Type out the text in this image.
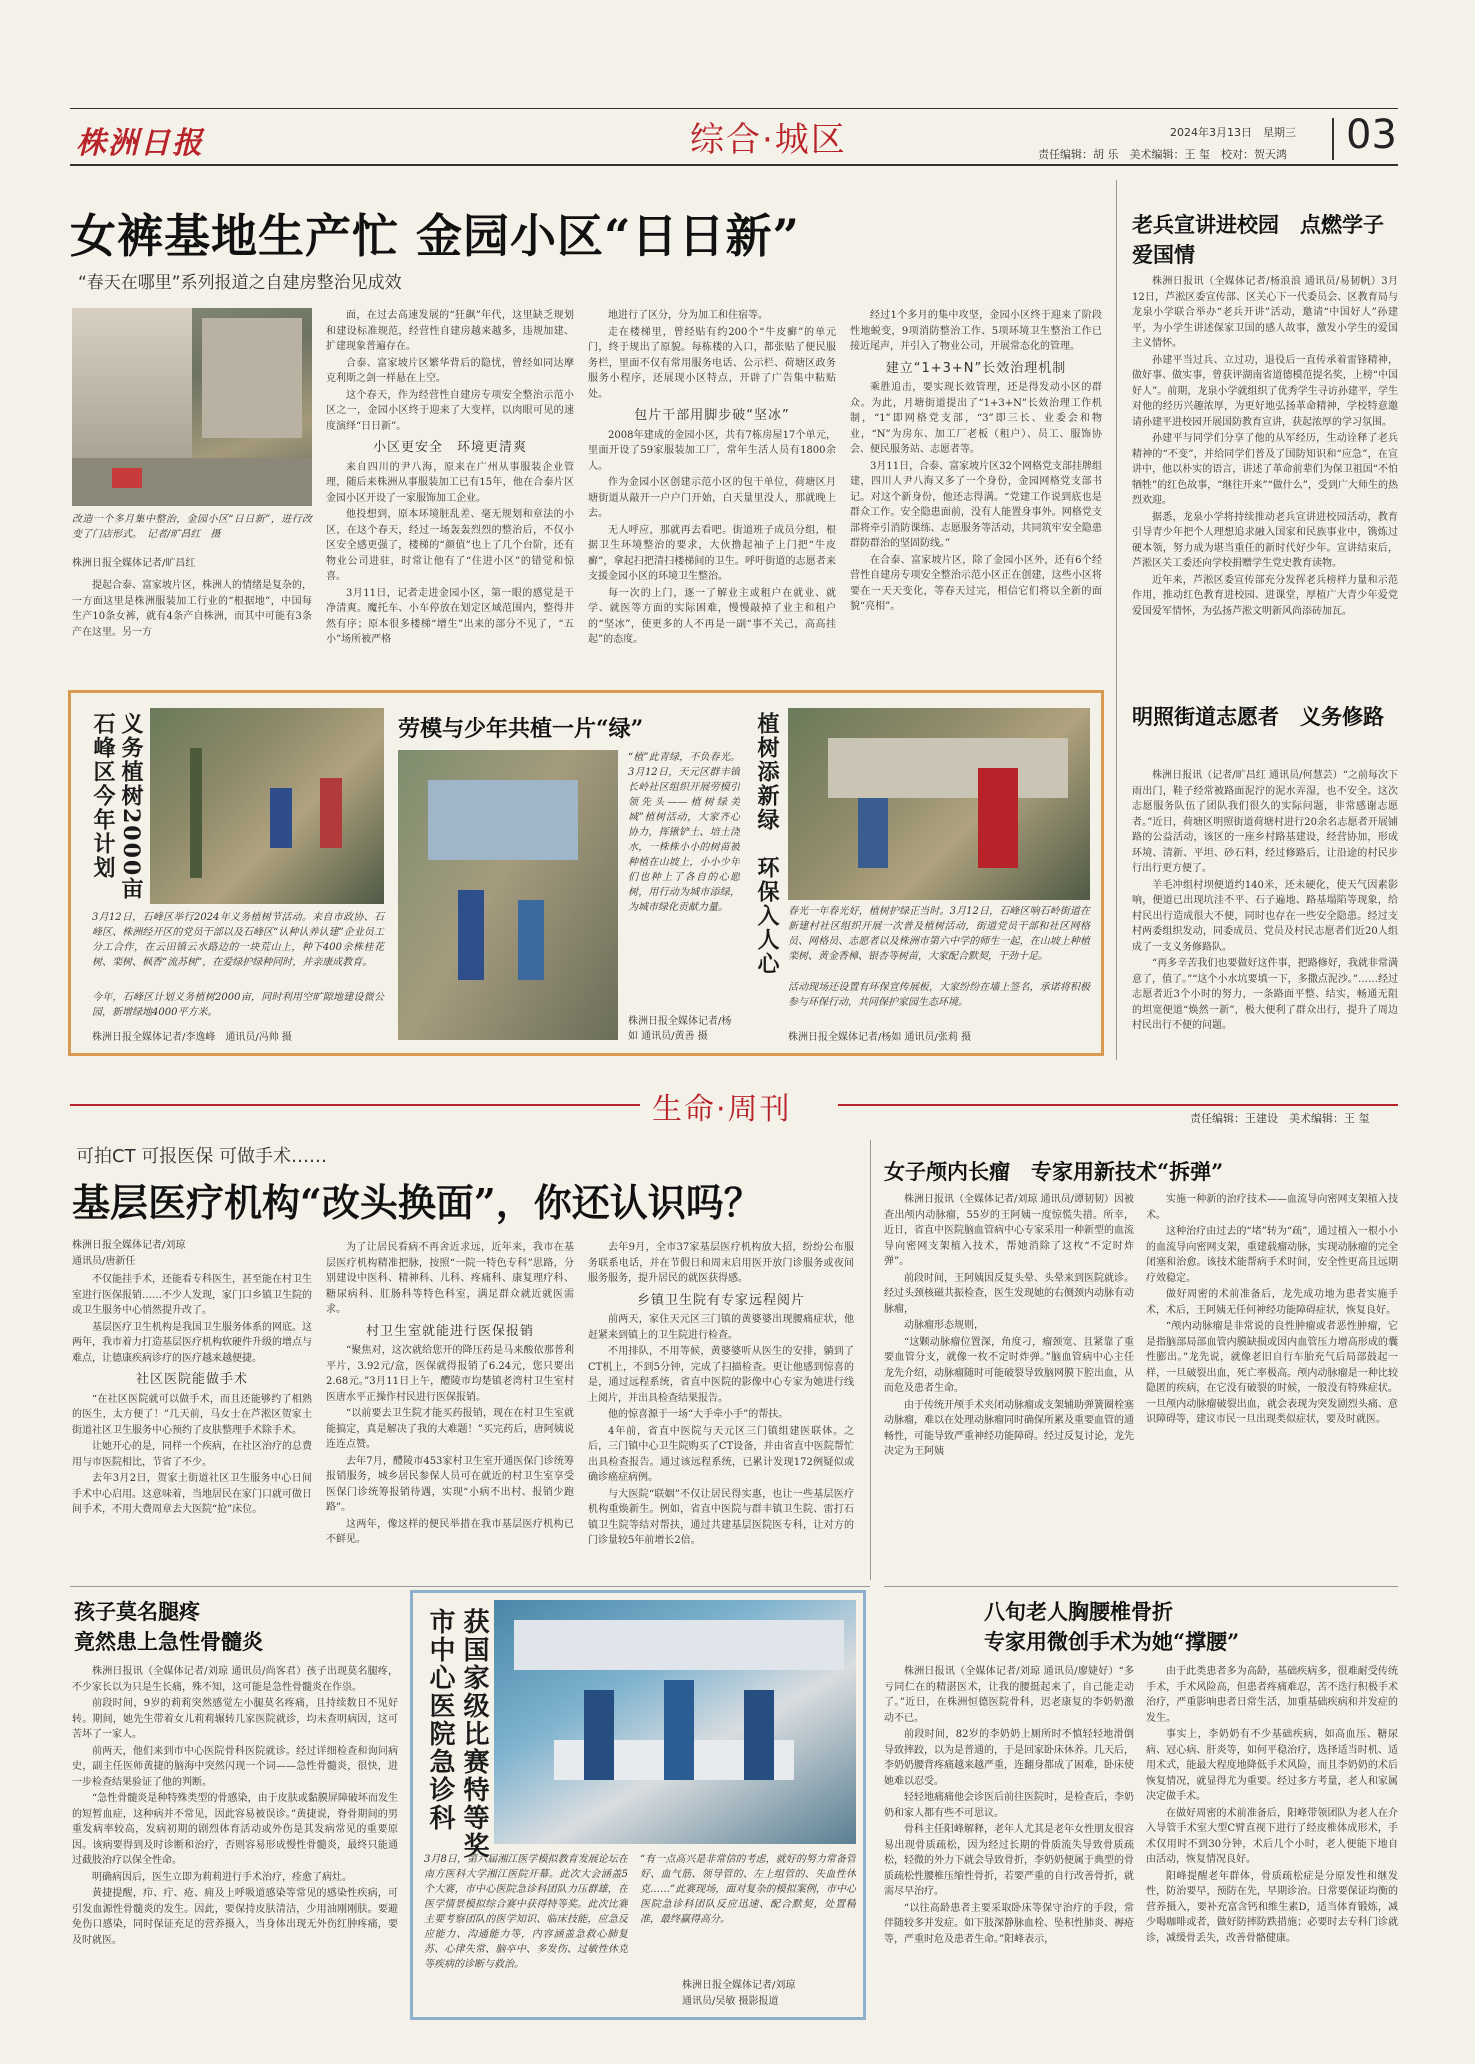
株洲日报	综合·城区	2024年3月13日　星期三
责任编辑：胡 乐　美术编辑：王 玺　校对：贺天鸿 03
女裤基地生产忙 金园小区“日日新”
“春天在哪里”系列报道之自建房整治见成效
改造一个多月集中整治，金园小区“日日新”，进行改变了门店形式。　记者/旷昌红　摄
株洲日报全媒体记者/旷昌红

提起合泰、富家坡片区，株洲人的情绪是复杂的，一方面这里是株洲服装加工行业的“根据地”，中国每生产10条女裤，就有4条产自株洲，而其中可能有3条产在这里。另一方

面，在过去高速发展的“狂飙”年代，这里缺乏规划和建设标准规范，经营性自建房越来越多，违规加建、扩建现象普遍存在。

合泰、富家坡片区繁华背后的隐忧，曾经如同达摩克利斯之剑一样悬在上空。

这个春天，作为经营性自建房专项安全整治示范小区之一，金园小区终于迎来了大变样，以肉眼可见的速度演绎“日日新”。

小区更安全　环境更清爽

来自四川的尹八海，原来在广州从事服装企业管理，随后来株洲从事服装加工已有15年，他在合泰片区金园小区开设了一家服饰加工企业。

他投想到，原本环境脏乱差、毫无规划和章法的小区，在这个春天，经过一场轰轰烈烈的整治后，不仅小区安全感更强了，楼梯的“颜值”也上了几个台阶，还有物业公司进驻，时常让他有了“住进小区”的错觉和惊喜。

3月11日，记者走进金园小区，第一眼的感觉是干净清爽。魔托车、小车停放在划定区域范围内，整得井然有序；原本很多楼梯“增生”出来的部分不见了，“五小”场所被严格

地进行了区分，分为加工和住宿等。

走在楼梯里，曾经贴有约200个“牛皮癣”的单元门，终于规出了原貌。每栋楼的入口，都张贴了便民服务栏，里面不仅有常用服务电话、公示栏、荷塘区政务服务小程序，还展现小区特点，开辟了广告集中粘贴处。

包片干部用脚步破“坚冰”

2008年建成的金园小区，共有7栋房屋17个单元，里面开设了59家服装加工厂，常年生活人员有1800余人。

作为金园小区创建示范小区的包干单位，荷塘区月塘街道从敲开一户户门开始，白天量里没人，那就晚上去。

无人呼应，那就再去看吧。街道班子成员分组，根据卫生环境整治的要求，大伙撸起袖子上门把“牛皮癣”，拿起扫把清扫楼梯间的卫生。呼吁街道的志愿者来支援金园小区的环境卫生整治。

每一次的上门，逐一了解业主或租户在就业、就学、就医等方面的实际困难，慢慢敲掉了业主和租户的“坚冰”，使更多的人不再是一副“事不关己，高高挂起”的态度。

经过1个多月的集中攻坚，金园小区终于迎来了阶段性地蜕变，9项消防整治工作、5项环境卫生整治工作已接近尾声，并引入了物业公司，开展常态化的管理。

建立“1+3+N”长效治理机制

乘胜追击，要实现长效管理，还是得发动小区的群众。为此，月塘街道提出了“1+3+N”长效治理工作机制，“1”即网格党支部，“3”即三长、业委会和物业，“N”为房东、加工厂老板（租户）、员工、服饰协会、便民服务站、志愿者等。

3月11日，合泰、富家坡片区32个网格党支部挂牌组建，四川人尹八海又多了一个身份，金园网格党支部书记。对这个新身份，他还志得满。“党建工作说到底也是群众工作。安全隐患面前，没有人能置身事外。网格党支部将牵引消防课练、志愿服务等活动，共同筑牢安全隐患群防群治的坚固防线。”

在合泰、富家坡片区，除了金园小区外，还有6个经营性自建房专项安全整治示范小区正在创建，这些小区将要在一天天变化，等春天过完，相信它们将以全新的面貌“亮相”。

老兵宣讲进校园　点燃学子爱国情

株洲日报讯（全媒体记者/杨浪浪 通讯员/易韧帆）3月12日，芦淞区委宣传部、区关心下一代委员会、区教育局与龙泉小学联合举办“老兵开讲”活动，邀请“中国好人”孙建平，为小学生讲述保家卫国的感人故事，激发小学生的爱国主义情怀。

孙建平当过兵、立过功，退役后一直传承着雷锋精神，做好事、做实事，曾获评湖南省道德模范提名奖，上榜“中国好人”。前期，龙泉小学就组织了优秀学生寻访孙建平，学生对他的经历兴趣浓厚，为更好地弘扬革命精神，学校特意邀请孙建平进校园开展国防教育宣讲，获起浓厚的学习氛围。

孙建平与同学们分享了他的从军经历，生动诠释了老兵精神的“不变”，并给同学们普及了国防知识和“应急”，在宣讲中，他以朴实的语言，讲述了革命前辈们为保卫祖国“不怕牺牲”的红色故事，“继往开来”“做什么”，受到广大师生的热烈欢迎。

据悉，龙泉小学将持续推动老兵宣讲进校园活动，教育引导青少年把个人理想追求融入国家和民族事业中，镌炼过硬本领，努力成为堪当重任的新时代好少年。宣讲结束后，芦淞区关工委还向学校捐赠学生党史教育读物。

近年来，芦淞区委宣传部充分发挥老兵榜样力量和示范作用，推动红色教育进校园、进课堂，厚植广大青少年爱党爱国爱军情怀，为弘扬芦淞文明新风尚添砖加瓦。

义务植树2000亩
石峰区今年计划
3月12日，石峰区举行2024年义务植树节活动。来自市政协、石峰区、株洲经开区的党员干部以及石峰区“认种认养认建”企业员工分工合作，在云田镇云水路边的一块荒山上，种下400余株桂花树、栾树、枫香“流苏树”，在爱绿护绿种同时，并亲康成教育。
今年，石峰区计划义务植树2000亩，同时利用空旷隙地建设微公园，新增绿地4000平方米。
株洲日报全媒体记者/李逸峰　通讯员/冯帅 摄
劳模与少年共植一片“绿”
“植”此青绿，不负春光。3月12日，天元区群丰镇长岭社区组织开展劳模引领先头——植树绿美城”植树活动，大家齐心协力，挥锹铲土、培土浇水，一株株小小的树苗被种植在山坡上，小小少年们也种上了各自的心愿树，用行动为城市添绿，为城市绿化贡献力量。
株洲日报全媒体记者/杨如 通讯员/黄善 摄
植树添新绿　环保入人心 春光一年春光好，植树护绿正当时。3月12日，石峰区响石岭街道在新建村社区组织开展一次普及植树活动，街道党员干部和社区网格员、网格员、志愿者以及株洲市第六中学的师生一起，在山坡上种植栾树、黄金香樟、银杏等树苗，大家配合默契，干劲十足。
活动现场还设置有环保宣传展板，大家纷纷在墙上签名，承诺将积极参与环保行动，共同保护家园生态环境。
株洲日报全媒体记者/杨如 通讯员/张莉 摄
明照街道志愿者　义务修路

株洲日报讯（记者/旷昌红 通讯员/何慧芸）“之前每次下雨出门，鞋子经常被路面泥泞的泥水弄湿，也不安全。这次志愿服务队伍了团队我们很久的实际问题，非常感谢志愿者。”近日，荷塘区明照街道荷塘村进行20余名志愿者开展铺路的公益活动，该区的一座乡村路基建设，经营协加，形成环境、清新、平坦、砂石料，经过修路后，让沿途的村民步行出行更方便了。

羊毛冲组村坝便道约140米，还未硬化，使天气因素影响，便道已出现坑洼不平、石子遍地、路基塌陷等现象，给村民出行造成很大不便，同时也存在一些安全隐患。经过支村两委组织发动，同委成员、党员及村民志愿者们近20人组成了一支义务修路队。

“再多辛苦我们也要做好这件事，把路修好，我就非常满意了，值了。”“这个小水坑要填一下，多撒点泥沙。”……经过志愿者近3个小时的努力，一条路面平整、结实，畅通无阻的坦宽便道“焕然一新”，极大便利了群众出行，提升了周边村民出行不便的问题。

生命·周刊	责任编辑：王建设　美术编辑：王 玺
可拍CT 可报医保 可做手术……
基层医疗机构“改头换面”，你还认识吗？
株洲日报全媒体记者/刘琼
通讯员/唐新任

不仅能挂手术，还能看专科医生，甚至能在村卫生室进行医保报销……不少人发现，家门口乡镇卫生院的或卫生服务中心悄然提升改了。

基层医疗卫生机构是我国卫生服务体系的网底。这两年，我市着力打造基层医疗机构软硬件升级的增点与难点，让德康疾病诊疗的医疗越来越便捷。

社区医院能做手术

“在社区医院就可以做手术，而且还能够约了相熟的医生，太方便了！”几天前，马女士在芦淞区贺家土街道社区卫生服务中心预约了皮肤整理手术除手术。

让她开心的是，同样一个疾病，在社区治疗的总费用与市医院相比，节省了不少。

去年3月2日，贺家土街道社区卫生服务中心日间手术中心启用。这意味着，当地居民在家门口就可做日间手术，不用大费周章去大医院“抢”床位。

为了让居民看病不再舍近求远，近年来，我市在基层医疗机构精准把脉，按照“一院一特色专科”思路，分别建设中医科、精神科、儿科、疼痛科、康复理疗科、糖尿病科、肛肠科等特色科室，满足群众就近就医需求。

村卫生室就能进行医保报销

“聚焦对，这次就给您开的降压药是马来酸依那普利平片，3.92元/盒，医保就得报销了6.24元，您只要出2.68元。”3月11日上午，醴陵市均楚镇老湾村卫生室村医唐水平正操作村民进行医保报销。

“以前要去卫生院才能买药报销，现在在村卫生室就能搞定，真是解决了我的大难题！”买完药后，唐阿姨说连连点赞。

去年7月，醴陵市453家村卫生室开通医保门诊统筹报销服务，城乡居民参保人员可在就近的村卫生室享受医保门诊统筹报销待遇，实现“小病不出村、报销少跑路”。

这两年，像这样的便民举措在我市基层医疗机构已不鲜见。

去年9月，全市37家基层医疗机构放大招，纷纷公布服务联系电话，并在节假日和周末启用医开放门诊服务或夜间服务服务，提升居民的就医获得感。

乡镇卫生院有专家远程阅片

前两天，家住天元区三门镇的黄婆婆出现腰痛症状，他赶紧来到镇上的卫生院进行检查。

不用排队，不用等候，黄婆婆听从医生的安排，躺到了CT机上，不到5分钟，完成了扫描检查。更让他感到惊喜的是，通过远程系统，省直中医院的影像中心专家为她进行线上阅片，并出具检查结果报告。

他的惊喜源于一场“大手牵小手”的帮扶。

4年前，省直中医院与天元区三门镇组建医联体。之后，三门镇中心卫生院购买了CT设备，并由省直中医院帮忙出具检查报告。通过该远程系统，已累计发现172例疑似或确诊癌症病例。

与大医院“联姻”不仅让居民得实惠，也让一些基层医疗机构重焕新生。例如，省直中医院与群丰镇卫生院、雷打石镇卫生院等结对帮扶，通过共建基层医院医专科，让对方的门诊量较5年前增长2倍。

女子颅内长瘤　专家用新技术“拆弹”

株洲日报讯（全媒体记者/刘琼 通讯员/谭韧韧）因被查出颅内动脉瘤，55岁的王阿姨一度惊慌失措。所幸，近日，省直中医院脑血管病中心专家采用一种新型的血流导向密网支架植入技术，帮她消除了这枚“不定时炸弹”。

前段时间，王阿姨因反复头晕、头晕来到医院就诊。经过头颈核磁共振检查，医生发现她的右侧颈内动脉有动脉瘤，

动脉瘤形态规则，

“这颗动脉瘤位置深，角度刁，瘤颈宽、且紧靠了重要血管分支，就像一枚不定时炸弹。”脑血管病中心主任龙先介绍，动脉瘤随时可能破裂导致脑网膜下腔出血，从而危及患者生命。

由于传统开颅手术夹闭动脉瘤或支架辅助弹簧圈栓塞动脉瘤，难以在处理动脉瘤同时确保所累及重要血管的通畅性，可能导致严重神经功能障碍。经过反复讨论，龙先决定为王阿姨

实施一种新的治疗技术——血流导向密网支架植入技术。

这种治疗由过去的“堵”转为“疏”，通过植入一根小小的血流导向密网支架，重建载瘤动脉，实现动脉瘤的完全闭塞和治愈。该技术能帮病手术时间，安全性更高且远期疗效稳定。

做好周密的术前准备后，龙先成功地为患者实施手术，术后，王阿姨无任何神经功能障碍症状，恢复良好。

“颅内动脉瘤是非常说的良性肿瘤或者恶性肿瘤，它是指脑部局部血管内膜缺损或因内血管压力增高形成的囊性膨出。”龙先说，就像老旧自行车胎充气后局部鼓起一样，一旦破裂出血，死亡率极高。颅内动脉瘤是一种比较隐匿的疾病，在它没有破裂的时候，一般没有特殊症状。一旦颅内动脉瘤破裂出血，就会表现为突发剧烈头痛、意识障碍等，建议市民一旦出现类似症状，要及时就医。

孩子莫名腿疼
竟然患上急性骨髓炎

株洲日报讯（全媒体记者/刘琼 通讯员/尚客君）孩子出现莫名腿疼，不少家长以为只是生长痛，殊不知，这可能是急性骨髓炎在作祟。

前段时间，9岁的莉莉突然感觉左小腿莫名疼痛，且持续数日不见好转。期间，她先生带着女儿莉莉辗转几家医院就诊，均未查明病因，这可苦坏了一家人。

前两天，他们来到市中心医院骨科医院就诊。经过详细检查和询问病史，副主任医师黄捷的脑海中突然闪现一个词——急性骨髓炎，很快，进一步检查结果验证了他的判断。

“急性骨髓炎是种特殊类型的骨感染，由于皮肤或黏膜屏障破坏而发生的短暂血症，这种病并不常见，因此容易被误诊。”黄捷说，脊骨期间的男重发病率较高，发病初期的剧烈体育活动或外伤是其发病常见的重要原因。该病要得到及时诊断和治疗，否则容易形成慢性骨髓炎，最终只能通过截肢治疗以保全性命。

明确病因后，医生立即为莉莉进行手术治疗，痊愈了病灶。

黄捷提醒，疖、疔、疮、痈及上呼吸道感染等常见的感染性疾病，可引发血源性骨髓炎的发生。因此，要保持皮肤清洁，少用油刚刚肤。要避免伤口感染，同时保证充足的营养摄入，当身体出现无外伤红肿疼痛，要及时就医。

获国家级比赛特等奖
市中心医院急诊科
3月8日，第六届湘江医学模拟教育发展论坛在南方医科大学湘江医院开幕。此次大会涵盖5个大赛，市中心医院急诊科团队力压群雄，在医学情景模拟综合赛中获得特等奖。此次比赛主要考察团队的医学知识、临床技能，应急反应能力、沟通能力等，内容涵盖急救心肺复苏、心律失常、脑卒中、多发伤、过敏性休克等疾病的诊断与救治。
“有一点高兴是非常信的考虑，就好的努力常备管好、血气筋、领导管的、左上组管的、失血性休克……”此赛现场，面对复杂的模拟案例，市中心医院急诊科团队反应迅速、配合默契，处置精准，最终赢得高分。
株洲日报全媒体记者/刘琼
通讯员/吴敏 摄影报道
八旬老人胸腰椎骨折
专家用微创手术为她“撑腰”

株洲日报讯（全媒体记者/刘琼 通讯员/廖婕好）“多亏同仁在的精湛医术，让我的腰挺起来了，自己能走动了。”近日，在株洲恒德医院骨科，迟老康复的李奶奶激动不已。

前段时间，82岁的李奶奶上厕所时不慎轻轻地滑倒导致摔跤，以为是普通的，于是回家卧床休养。几天后，李奶奶腰背疼痛越来越严重，连翻身都成了困难，卧床使她难以忍受。

轻轻地痛痛他会诊医后前往医院时，是检查后，李奶奶和家人都有些不可思议。

骨科主任阳峰解释，老年人尤其是老年女性朋友很容易出现骨质疏松，因为经过长期的骨质流失导致骨质疏松，轻微的外力下就会导致骨折，李奶奶便属于典型的骨质疏松性腰椎压缩性骨折，若要严重的自行改善骨折，就需尽早治疗。

“以往高龄患者主要采取卧床等保守治疗的手段，常伴随较多并发症。如下肢深静脉血栓、坠积性肺炎、褥疮等，严重时危及患者生命。”阳峰表示，

由于此类患者多为高龄，基础疾病多，很难耐受传统手术，手术风险高，但患者疼痛难忍，苦不迭行积极手术治疗，严重影响患者日常生活，加重基础疾病和并发症的发生。

事实上，李奶奶有不少基础疾病，如高血压、糖尿病、冠心病、肝炎等，如何平稳治疗，选择适当时机、适用术式，能最大程度地降低手术风险，而且李奶奶的术后恢复情况，就显得尤为重要。经过多方考量，老人和家属决定做手术。

在做好周密的术前准备后，阳峰带领团队为老人在介入导管手术室大型C臂直视下进行了经皮椎体成形术，手术仅用时不到30分钟，术后几个小时，老人便能下地自由活动，恢复情况良好。

阳峰提醒老年群体，骨质疏松症是分原发性和继发性，防治要早，预防在先，早期诊治。日常要保证均衡的营养摄入，要补充富含钙和维生素D，适当体育锻炼，减少喝咖啡或者，做好防摔防跌措施；必要时去专科门诊就诊，减缓骨丢失，改善骨骼健康。
